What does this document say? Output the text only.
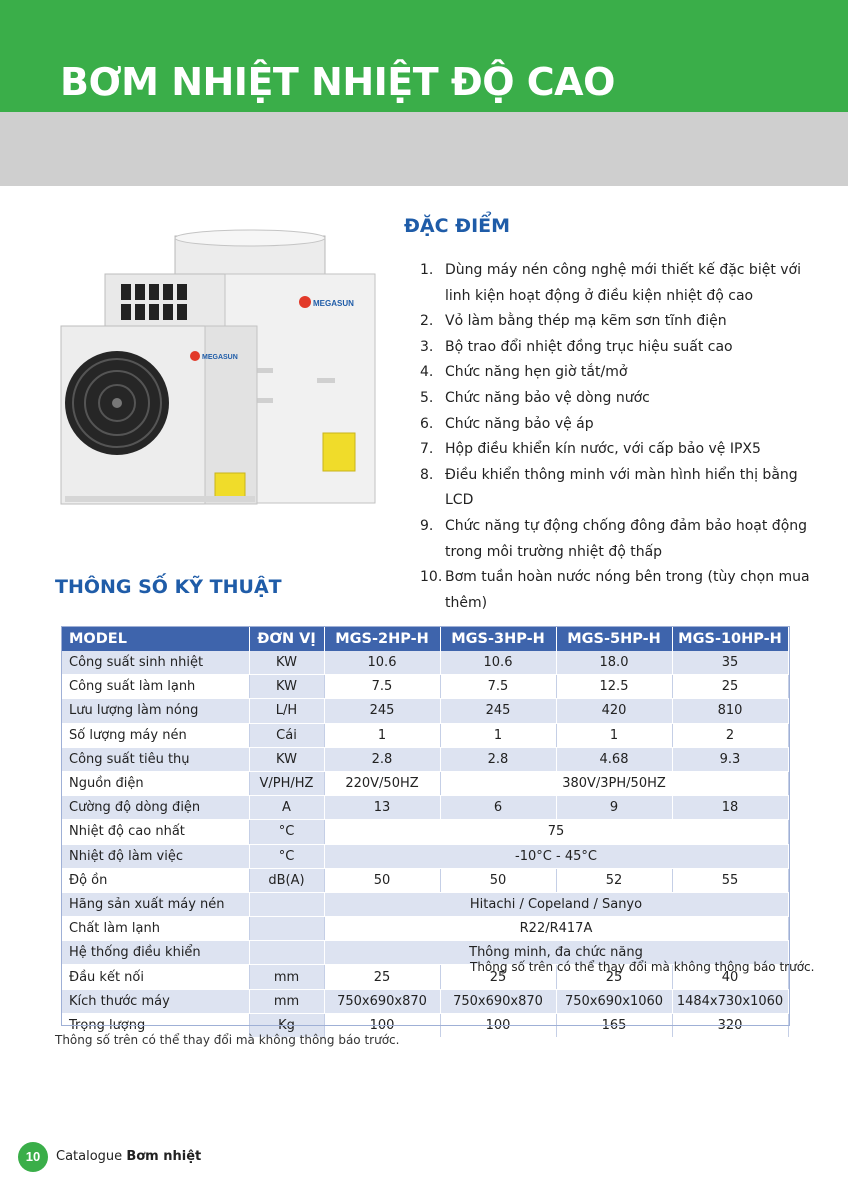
BƠM NHIỆT NHIỆT ĐỘ CAO
MEGASUN
MEGASUN
ĐẶC ĐIỂM
1. Dùng máy nén công nghệ mới thiết kế đặc biệt với linh kiện hoạt động ở điều kiện nhiệt độ cao
2. Vỏ làm bằng thép mạ kẽm sơn tĩnh điện
3. Bộ trao đổi nhiệt đồng trục hiệu suất cao
4. Chức năng hẹn giờ tắt/mở
5. Chức năng bảo vệ dòng nước
6. Chức năng bảo vệ áp
7. Hộp điều khiển kín nước, với cấp bảo vệ IPX5
8. Điều khiển thông minh với màn hình hiển thị bằng LCD
9. Chức năng tự động chống đông đảm bảo hoạt động trong môi trường nhiệt độ thấp
10. Bơm tuần hoàn nước nóng bên trong (tùy chọn mua thêm)
THÔNG SỐ KỸ THUẬT
MODEL	ĐƠN VỊ	MGS-2HP-H	MGS-3HP-H	MGS-5HP-H	MGS-10HP-H
Công suất sinh nhiệt	KW	10.6	10.6	18.0	35
Công suất làm lạnh	KW	7.5	7.5	12.5	25
Lưu lượng làm nóng	L/H	245	245	420	810
Số lượng máy nén	Cái	1	1	1	2
Công suất tiêu thụ	KW	2.8	2.8	4.68	9.3
Nguồn điện	V/PH/HZ	220V/50HZ	380V/3PH/50HZ		
Cường độ dòng điện	A	13	6	9	18
Nhiệt độ cao nhất	°C	75			
Nhiệt độ làm việc	°C	-10°C - 45°C			
Độ ồn	dB(A)	50	50	52	55
Hãng sản xuất máy nén		Hitachi / Copeland / Sanyo			
Chất làm lạnh		R22/R417A			
Hệ thống điều khiển		Thông minh, đa chức năng			
Đầu kết nối	mm	25	25	25	40
Kích thước máy	mm	750x690x870	750x690x870	750x690x1060	1484x730x1060
Trọng lượng	Kg	100	100	165	320
Thông số trên có thể thay đổi mà không thông báo trước.
Thông số trên có thể thay đổi mà không thông báo trước.
10	Catalogue Bơm nhiệt
